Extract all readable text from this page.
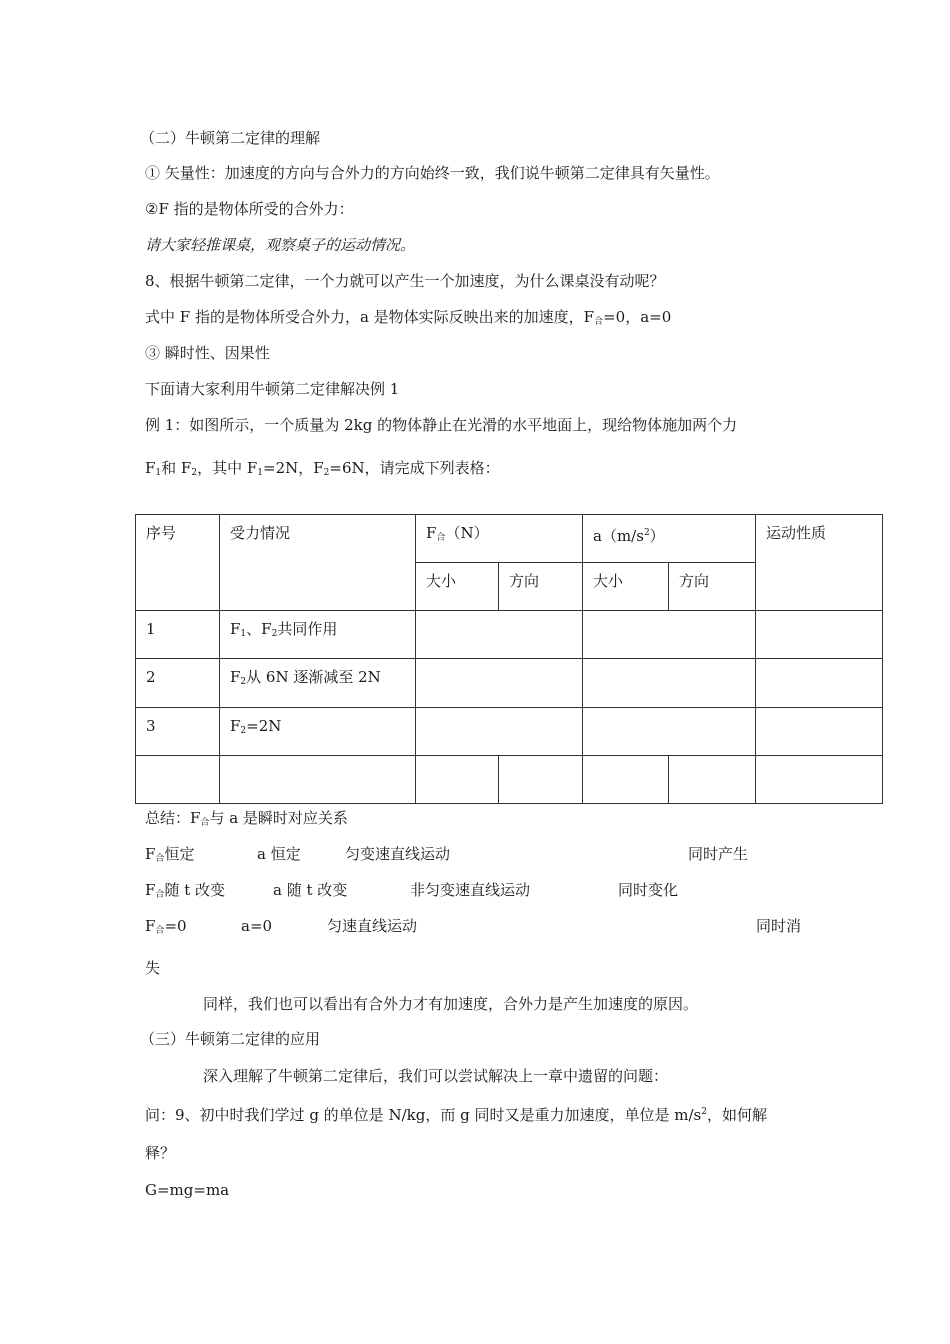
（二）牛顿第二定律的理解
① 矢量性：加速度的方向与合外力的方向始终一致，我们说牛顿第二定律具有矢量性。
②F 指的是物体所受的合外力：
请大家轻推课桌，观察桌子的运动情况。
8、根据牛顿第二定律，一个力就可以产生一个加速度，为什么课桌没有动呢？
式中 F 指的是物体所受合外力，a 是物体实际反映出来的加速度，$F_合=0$，a=0
③ 瞬时性、因果性
下面请大家利用牛顿第二定律解决例 1
例 1：如图所示，一个质量为 2kg 的物体静止在光滑的水平地面上，现给物体施加两个力
$F_1$和 $F_2$，其中 $F_1=2N$，$F_2=6N$，请完成下列表格：
序号	受力情况	$F_合(N)$		$a(m/s^2)$		运动性质
		大小	方向	大小	方向	
1	$F_1$、$F_2$共同作用					
2	$F_2$从 6N 逐渐减至 2N					
3	$F_2=2N$					

总结：$F_合$与 a 是瞬时对应关系
$F_合$恒定	a 恒定	匀变速直线运动	同时产生
$F_合$随 t 改变	a 随 t 改变	非匀变速直线运动	同时变化
$F_合=0$	a=0	匀速直线运动	同时消
失
同样，我们也可以看出有合外力才有加速度，合外力是产生加速度的原因。
（三）牛顿第二定律的应用
深入理解了牛顿第二定律后，我们可以尝试解决上一章中遗留的问题：
问：9、初中时我们学过 g 的单位是 N/kg，而 g 同时又是重力加速度，单位是 $m/s^2$，如何解
释？
G=mg=ma
